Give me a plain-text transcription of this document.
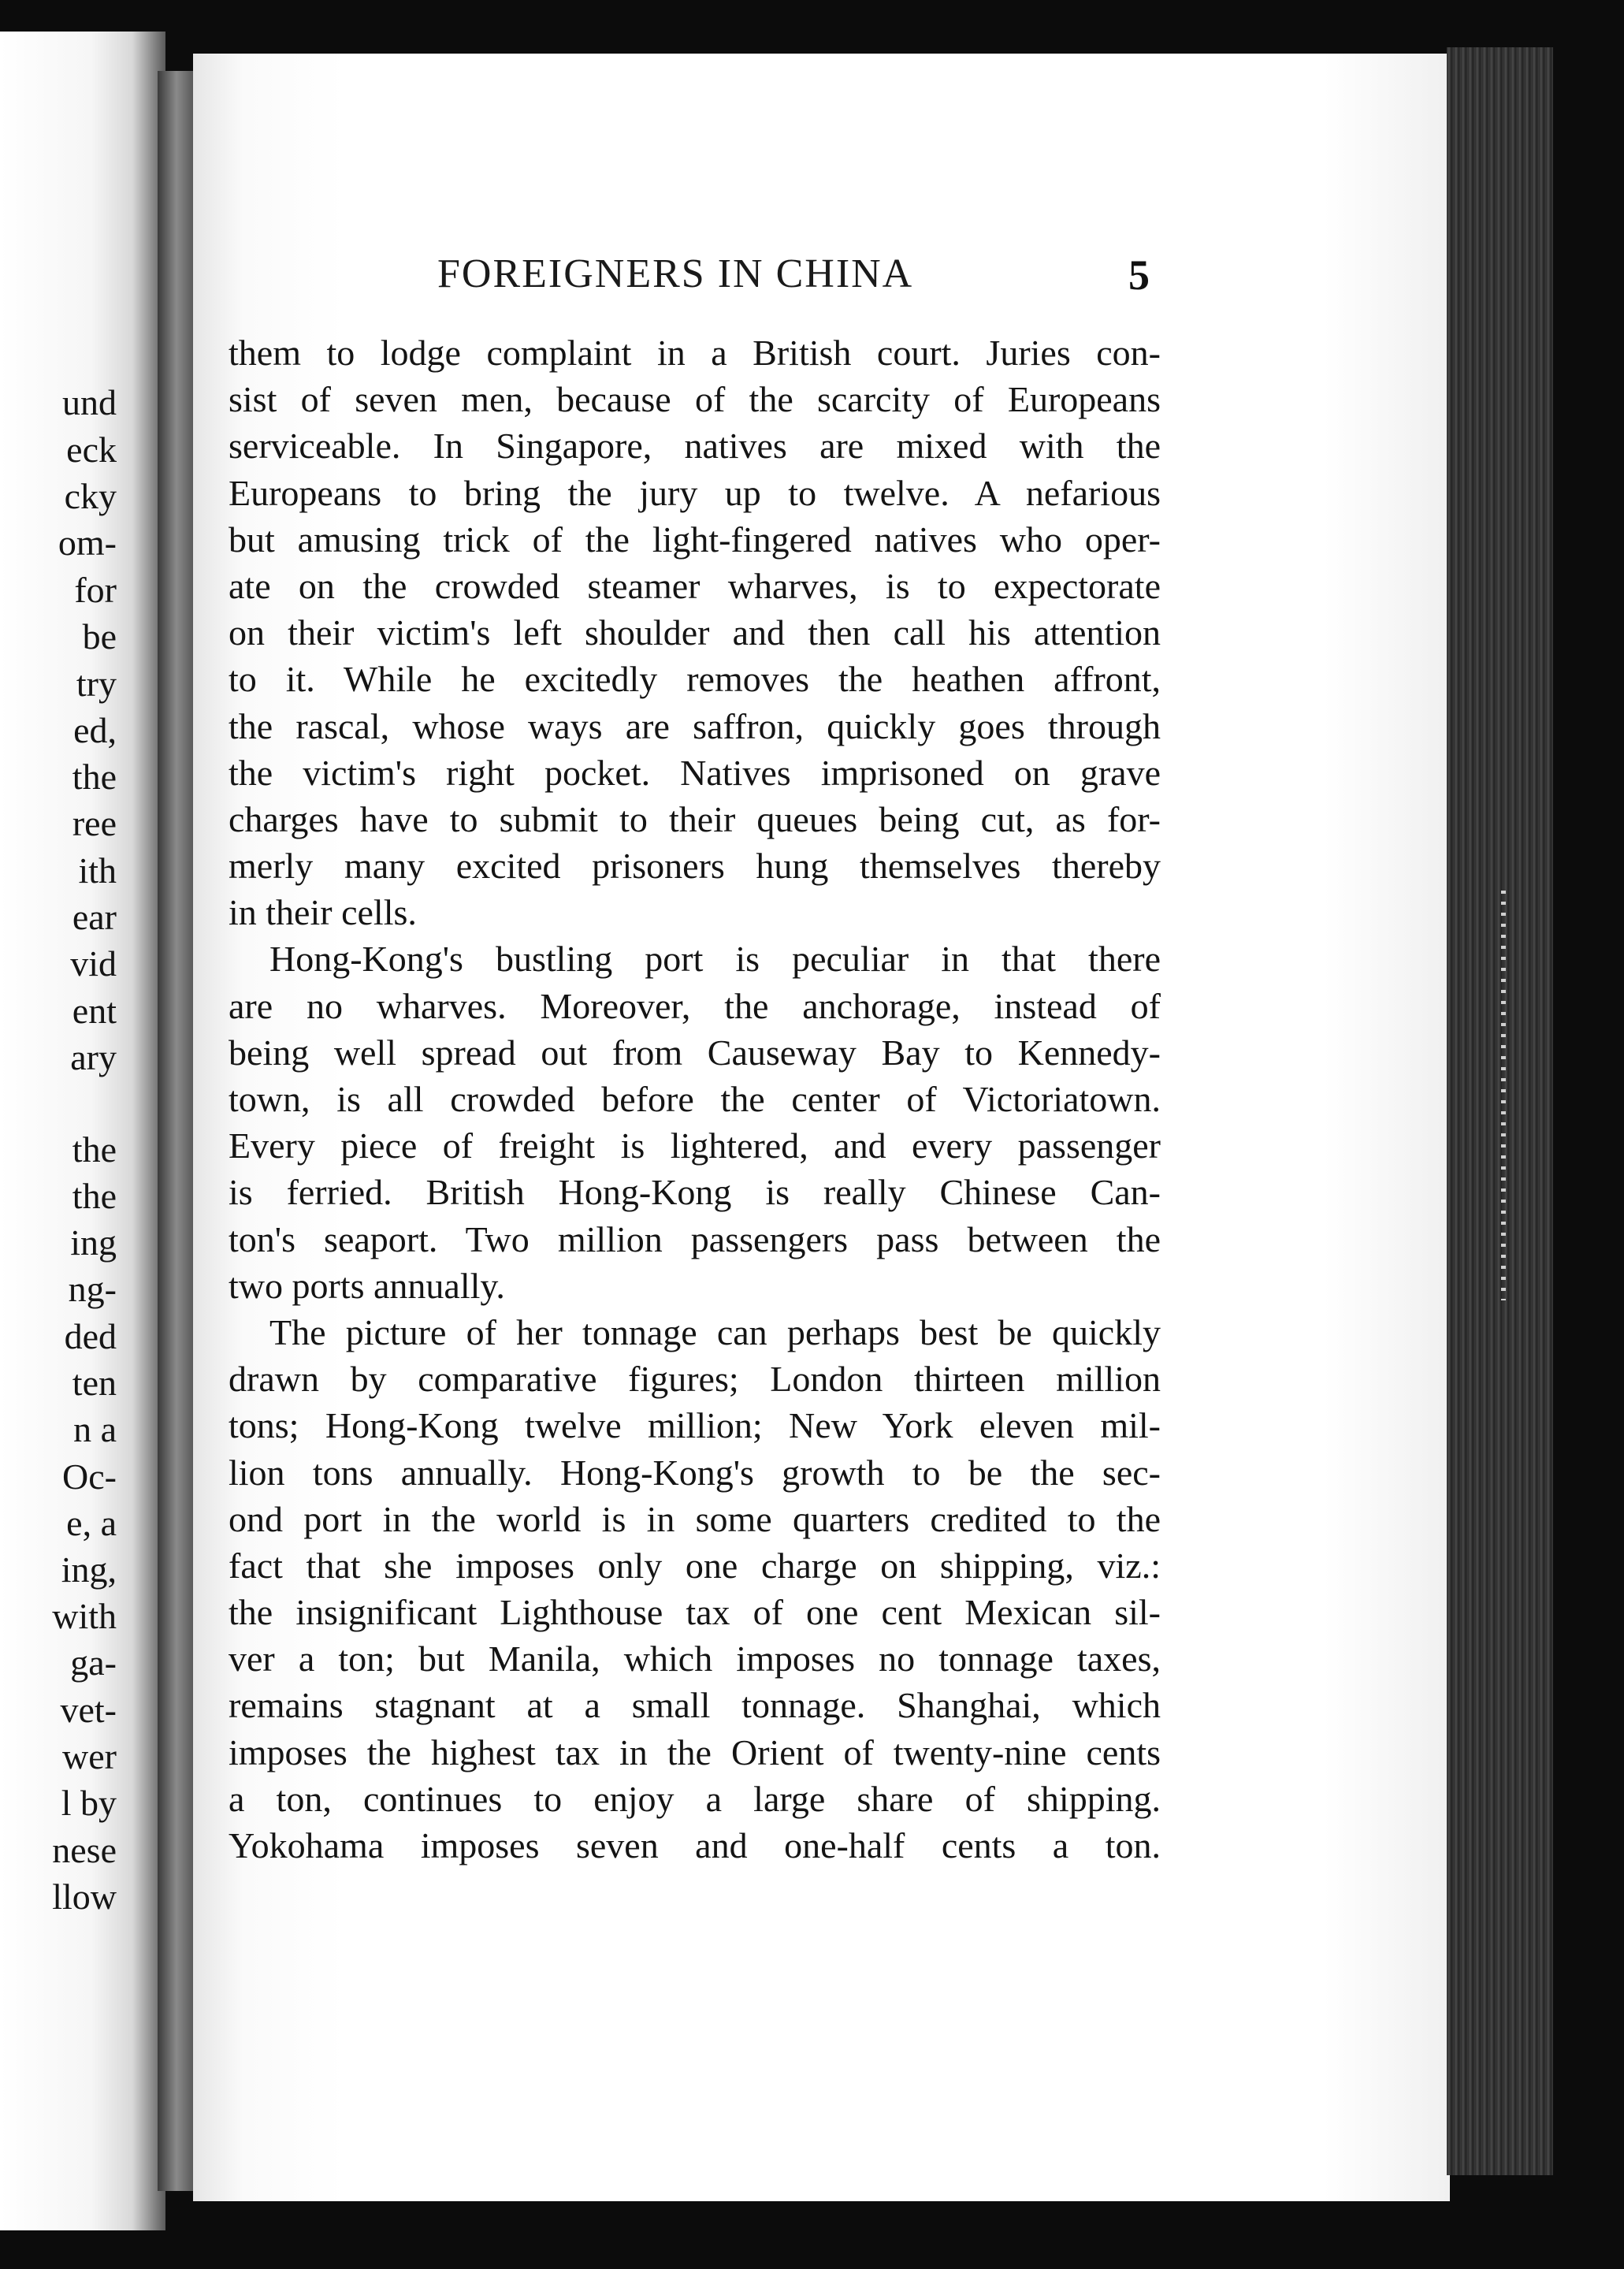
und
eck
cky
om-
for
be
try
ed,
the
ree
ith
ear
vid
ent
ary
the
the
ing
ng-
ded
ten
n a
Oc-
e, a
ing,
with
ga-
vet-
wer
l by
nese
llow
FOREIGNERS IN CHINA	5
them to lodge complaint in a British court. Juries con-
sist of seven men, because of the scarcity of Europeans
serviceable. In Singapore, natives are mixed with the
Europeans to bring the jury up to twelve. A nefarious
but amusing trick of the light-fingered natives who oper-
ate on the crowded steamer wharves, is to expectorate
on their victim's left shoulder and then call his attention
to it. While he excitedly removes the heathen affront,
the rascal, whose ways are saffron, quickly goes through
the victim's right pocket. Natives imprisoned on grave
charges have to submit to their queues being cut, as for-
merly many excited prisoners hung themselves thereby
in their cells.
Hong-Kong's bustling port is peculiar in that there
are no wharves. Moreover, the anchorage, instead of
being well spread out from Causeway Bay to Kennedy-
town, is all crowded before the center of Victoriatown.
Every piece of freight is lightered, and every passenger
is ferried. British Hong-Kong is really Chinese Can-
ton's seaport. Two million passengers pass between the
two ports annually.
The picture of her tonnage can perhaps best be quickly
drawn by comparative figures; London thirteen million
tons; Hong-Kong twelve million; New York eleven mil-
lion tons annually. Hong-Kong's growth to be the sec-
ond port in the world is in some quarters credited to the
fact that she imposes only one charge on shipping, viz.:
the insignificant Lighthouse tax of one cent Mexican sil-
ver a ton; but Manila, which imposes no tonnage taxes,
remains stagnant at a small tonnage. Shanghai, which
imposes the highest tax in the Orient of twenty-nine cents
a ton, continues to enjoy a large share of shipping.
Yokohama imposes seven and one-half cents a ton.
